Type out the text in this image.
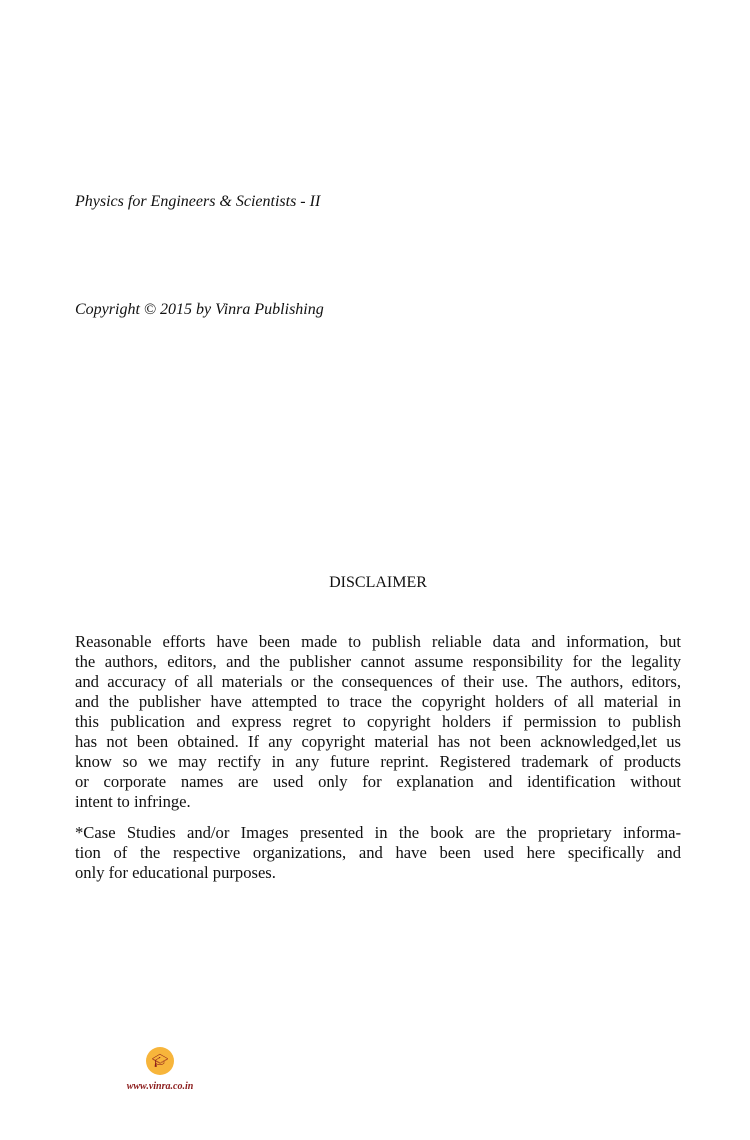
Physics for Engineers & Scientists - II
Copyright © 2015 by Vinra Publishing
DISCLAIMER
Reasonable efforts have been made to publish reliable data and information, but
the authors, editors, and the publisher cannot assume responsibility for the legality
and accuracy of all materials or the consequences of their use. The authors, editors,
and the publisher have attempted to trace the copyright holders of all material in
this publication and express regret to copyright holders if permission to publish
has not been obtained. If any copyright material has not been acknowledged,let us
know so we may rectify in any future reprint. Registered trademark of products
or corporate names are used only for explanation and identification without
intent to infringe.
*Case Studies and/or Images presented in the book are the proprietary informa-
tion of the respective organizations, and have been used here specifically and
only for educational purposes.
🎓︎
www.vinra.co.in
